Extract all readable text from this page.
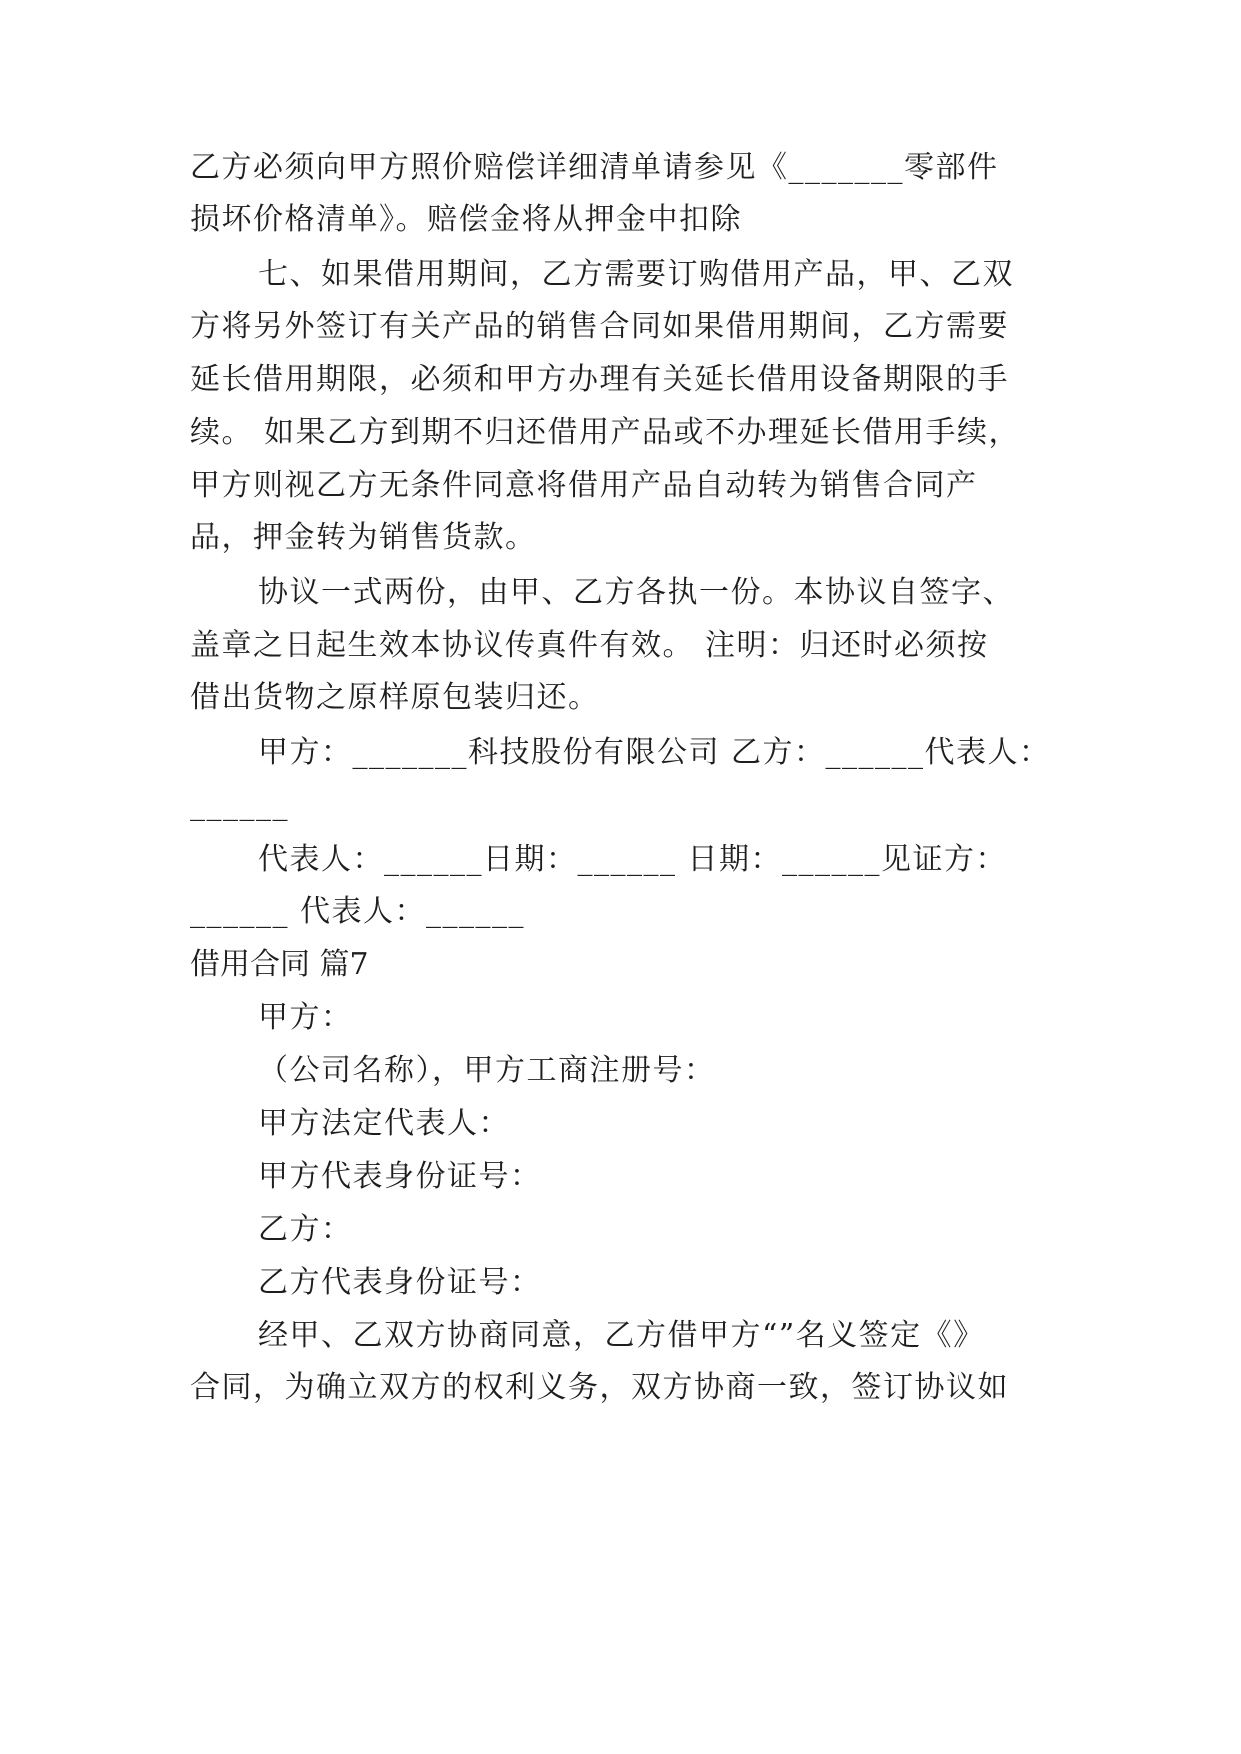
乙方必须向甲方照价赔偿详细清单请参见《_______零部件
损坏价格清单》。赔偿金将从押金中扣除
七、如果借用期间，乙方需要订购借用产品，甲、乙双
方将另外签订有关产品的销售合同如果借用期间，乙方需要
延长借用期限，必须和甲方办理有关延长借用设备期限的手
续。 如果乙方到期不归还借用产品或不办理延长借用手续，
甲方则视乙方无条件同意将借用产品自动转为销售合同产
品，押金转为销售货款。
协议一式两份，由甲、乙方各执一份。本协议自签字、
盖章之日起生效本协议传真件有效。 注明：归还时必须按
借出货物之原样原包装归还。
甲方：_______科技股份有限公司 乙方：______代表人：
______
代表人：______日期：______ 日期：______见证方：
______ 代表人：______
借用合同 篇7
甲方：
（公司名称），甲方工商注册号：
甲方法定代表人：
甲方代表身份证号：
乙方：
乙方代表身份证号：
经甲、乙双方协商同意，乙方借甲方“”名义签定《》
合同，为确立双方的权利义务，双方协商一致，签订协议如
